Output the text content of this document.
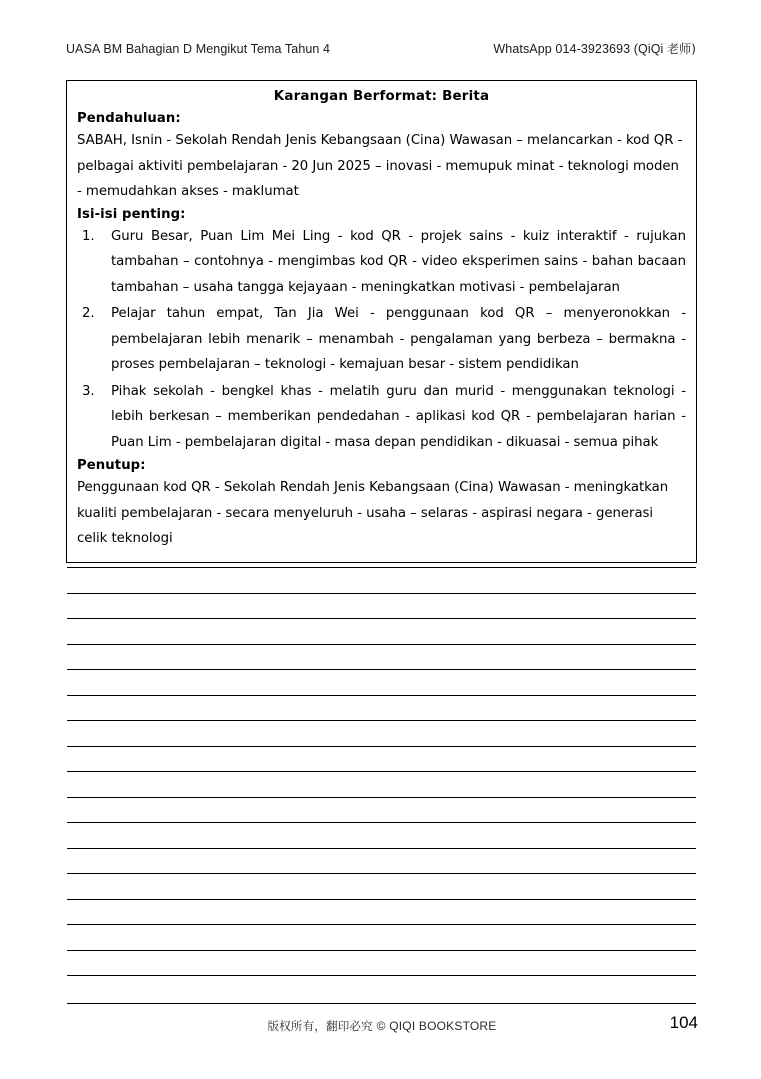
UASA BM Bahagian D Mengikut Tema Tahun 4	WhatsApp 014-3923693 (QiQi 老师)
Karangan Berformat: Berita
Pendahuluan:
SABAH, Isnin - Sekolah Rendah Jenis Kebangsaan (Cina) Wawasan – melancarkan - kod QR - pelbagai aktiviti pembelajaran - 20 Jun 2025 – inovasi - memupuk minat - teknologi moden - memudahkan akses - maklumat
Isi-isi penting:
1.	Guru Besar, Puan Lim Mei Ling - kod QR - projek sains - kuiz interaktif - rujukan tambahan – contohnya - mengimbas kod QR - video eksperimen sains - bahan bacaan tambahan – usaha tangga kejayaan - meningkatkan motivasi - pembelajaran
2.	Pelajar tahun empat, Tan Jia Wei - penggunaan kod QR – menyeronokkan - pembelajaran lebih menarik – menambah - pengalaman yang berbeza – bermakna - proses pembelajaran – teknologi - kemajuan besar - sistem pendidikan
3.	Pihak sekolah - bengkel khas - melatih guru dan murid - menggunakan teknologi - lebih berkesan – memberikan pendedahan - aplikasi kod QR - pembelajaran harian - Puan Lim - pembelajaran digital - masa depan pendidikan - dikuasai - semua pihak
Penutup:
Penggunaan kod QR - Sekolah Rendah Jenis Kebangsaan (Cina) Wawasan - meningkatkan kualiti pembelajaran - secara menyeluruh - usaha – selaras - aspirasi negara - generasi celik teknologi
版权所有，翻印必究 © QIQI BOOKSTORE	104
